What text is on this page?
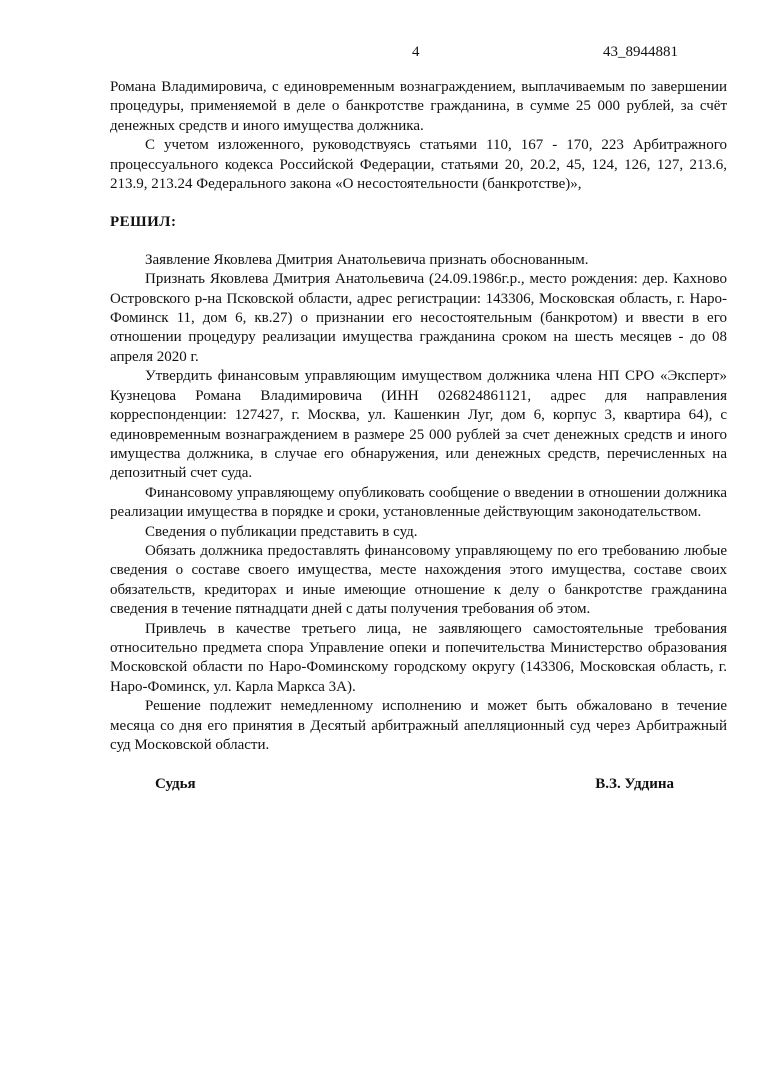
4	43_8944881

Романа Владимировича, с единовременным вознаграждением, выплачиваемым по завершении процедуры, применяемой в деле о банкротстве гражданина, в сумме 25 000 рублей, за счёт денежных средств и иного имущества должника.

С учетом изложенного, руководствуясь статьями 110, 167 - 170, 223 Арбитражного процессуального кодекса Российской Федерации, статьями 20, 20.2, 45, 124, 126, 127, 213.6, 213.9, 213.24 Федерального закона «О несостоятельности (банкротстве)»,

РЕШИЛ:

Заявление Яковлева Дмитрия Анатольевича признать обоснованным.

Признать Яковлева Дмитрия Анатольевича (24.09.1986г.р., место рождения: дер. Кахново Островского р-на Псковской области, адрес регистрации: 143306, Московская область, г. Наро-Фоминск 11, дом 6, кв.27) о признании его несостоятельным (банкротом) и ввести в его отношении процедуру реализации имущества гражданина сроком на шесть месяцев - до 08 апреля 2020 г.

Утвердить финансовым управляющим имуществом должника члена НП СРО «Эксперт» Кузнецова Романа Владимировича (ИНН 026824861121, адрес для направления корреспонденции: 127427, г. Москва, ул. Кашенкин Луг, дом 6, корпус 3, квартира 64), с единовременным вознаграждением в размере 25 000 рублей за счет денежных средств и иного имущества должника, в случае его обнаружения, или денежных средств, перечисленных на депозитный счет суда.

Финансовому управляющему опубликовать сообщение о введении в отношении должника реализации имущества в порядке и сроки, установленные действующим законодательством.

Сведения о публикации представить в суд.

Обязать должника предоставлять финансовому управляющему по его требованию любые сведения о составе своего имущества, месте нахождения этого имущества, составе своих обязательств, кредиторах и иные имеющие отношение к делу о банкротстве гражданина сведения в течение пятнадцати дней с даты получения требования об этом.

Привлечь в качестве третьего лица, не заявляющего самостоятельные требования относительно предмета спора Управление опеки и попечительства Министерство образования Московской области по Наро-Фоминскому городскому округу (143306, Московская область, г. Наро-Фоминск, ул. Карла Маркса 3А).

Решение подлежит немедленному исполнению и может быть обжаловано в течение месяца со дня его принятия в Десятый арбитражный апелляционный суд через Арбитражный суд Московской области.

Судья	В.З. Уддина
